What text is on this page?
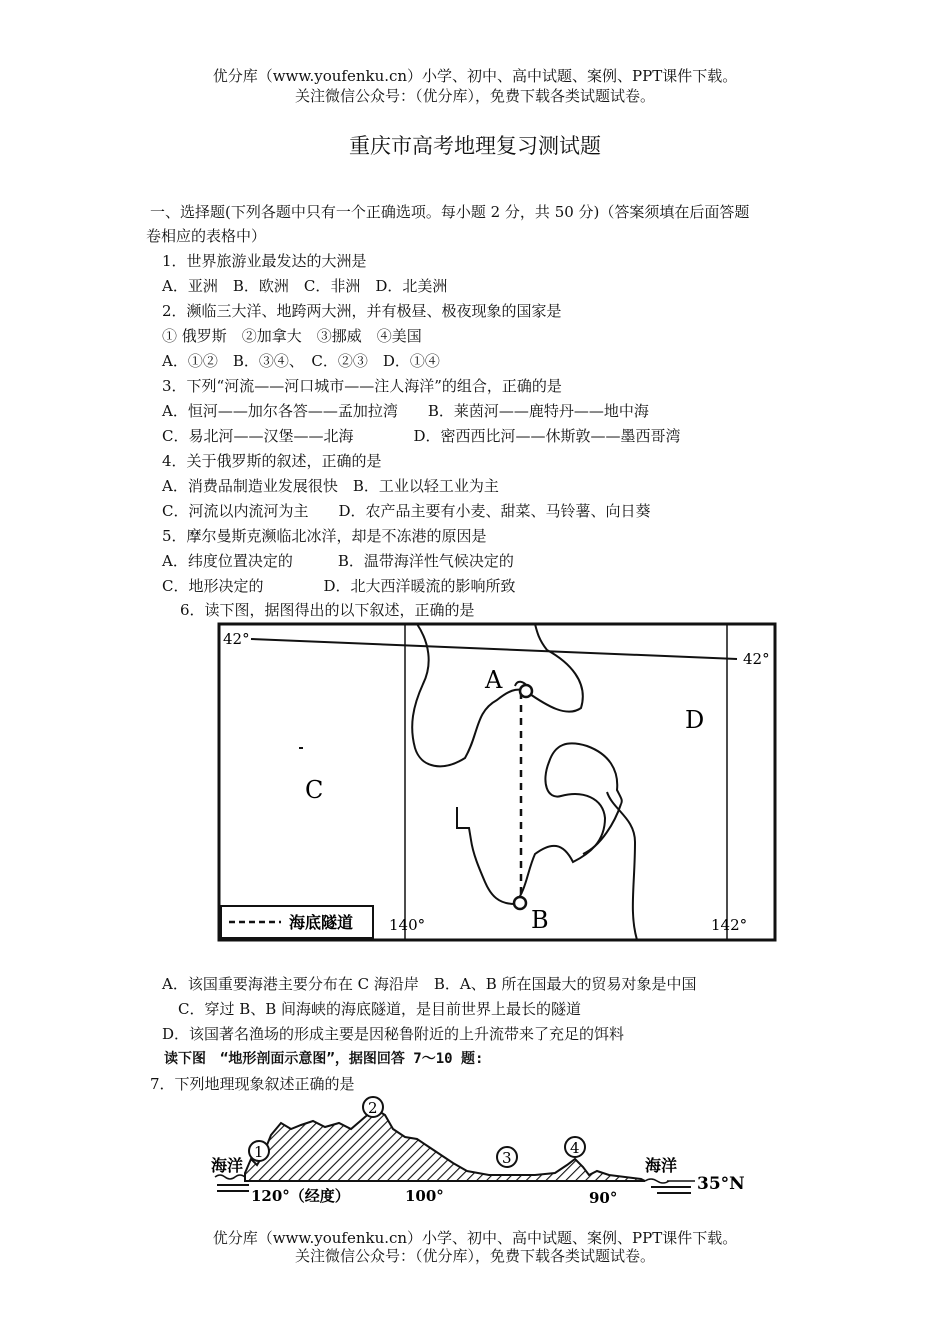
优分库（www.youfenku.cn）小学、初中、高中试题、案例、PPT课件下载。
关注微信公众号：（优分库），免费下载各类试题试卷。
重庆市高考地理复习测试题
一、选择题(下列各题中只有一个正确选项。每小题 2 分，共 50 分)（答案须填在后面答题
卷相应的表格中）
1．世界旅游业最发达的大洲是
A．亚洲　B．欧洲　C．非洲　D．北美洲
2．濒临三大洋、地跨两大洲，并有极昼、极夜现象的国家是
① 俄罗斯　②加拿大　③挪威　④美国
A．①②　B．③④、　C．②③　D．①④
3．下列“河流——河口城市——注人海洋”的组合，正确的是
A．恒河——加尔各答——孟加拉湾　　B．莱茵河——鹿特丹——地中海
C．易北河——汉堡——北海　　　　D．密西西比河——休斯敦——墨西哥湾
4．关于俄罗斯的叙述，正确的是
A．消费品制造业发展很快　B．工业以轻工业为主
C．河流以内流河为主　　D．农产品主要有小麦、甜菜、马铃薯、向日葵
5．摩尔曼斯克濒临北冰洋，却是不冻港的原因是
A．纬度位置决定的　　　B．温带海洋性气候决定的
C．地形决定的　　　　D．北大西洋暖流的影响所致
6．读下图，据图得出的以下叙述，正确的是
海底隧道
42°
42°
140°	142°
A
B
C
D
A．该国重要海港主要分布在 C 海沿岸　B．A、B 所在国最大的贸易对象是中国
C．穿过 B、B 间海峡的海底隧道，是目前世界上最长的隧道
D．该国著名渔场的形成主要是因秘鲁附近的上升流带来了充足的饵料
读下图　“地形剖面示意图”，据图回答 7～10 题:
7．下列地理现象叙述正确的是
1
2
3
4
海洋	海洋
120°（经度）	100°	90°
35°N
优分库（www.youfenku.cn）小学、初中、高中试题、案例、PPT课件下载。
关注微信公众号：（优分库），免费下载各类试题试卷。
